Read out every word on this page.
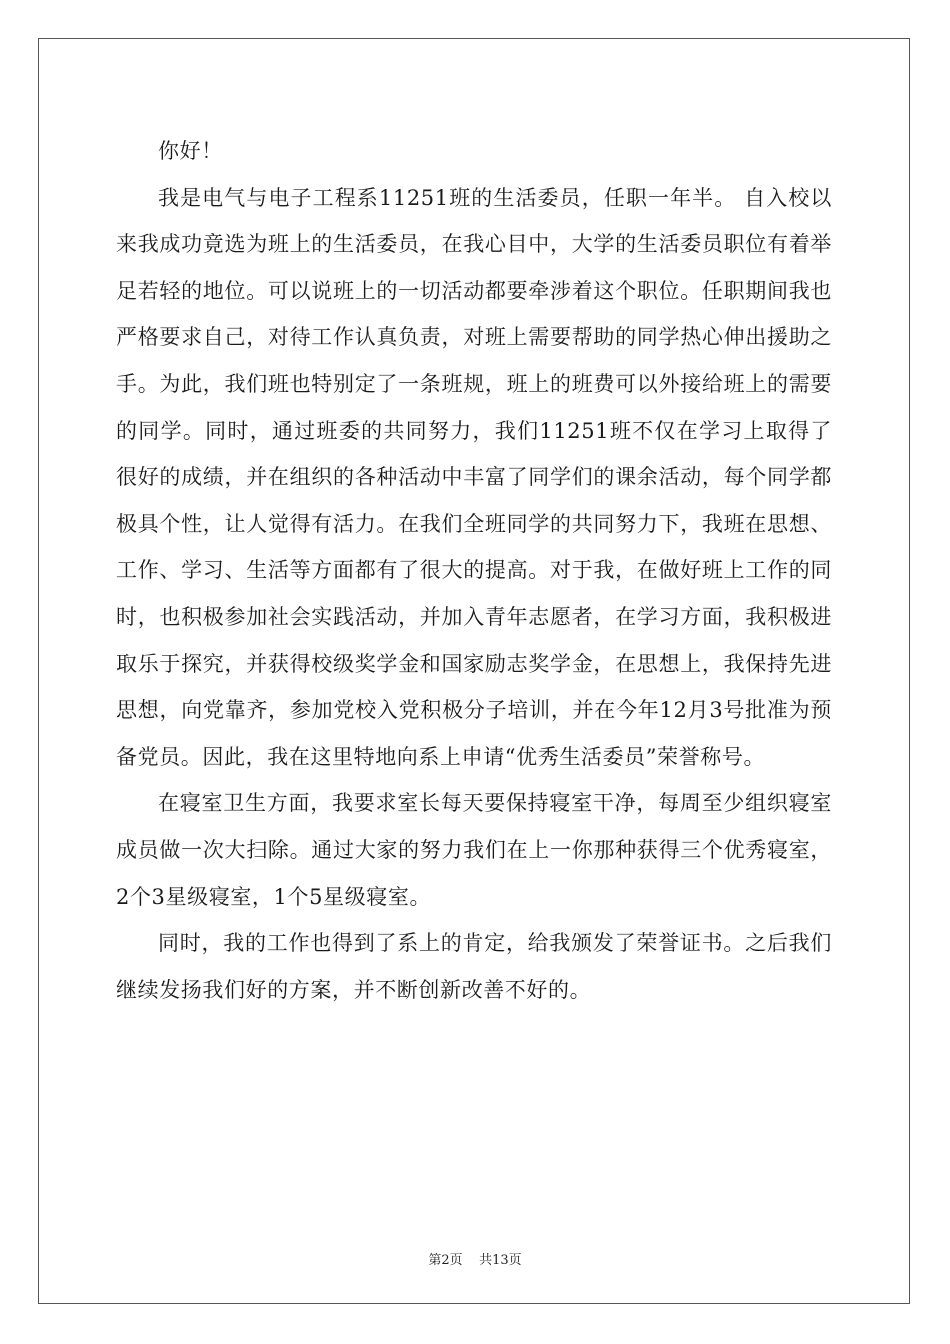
你好！

我是电气与电子工程系11251班的生活委员，任职一年半。 自入校以来我成功竟选为班上的生活委员，在我心目中，大学的生活委员职位有着举足若轻的地位。可以说班上的一切活动都要牵涉着这个职位。任职期间我也严格要求自己，对待工作认真负责，对班上需要帮助的同学热心伸出援助之手。为此，我们班也特别定了一条班规，班上的班费可以外接给班上的需要的同学。同时，通过班委的共同努力，我们11251班不仅在学习上取得了很好的成绩，并在组织的各种活动中丰富了同学们的课余活动，每个同学都极具个性，让人觉得有活力。在我们全班同学的共同努力下，我班在思想、工作、学习、生活等方面都有了很大的提高。对于我，在做好班上工作的同时，也积极参加社会实践活动，并加入青年志愿者，在学习方面，我积极进取乐于探究，并获得校级奖学金和国家励志奖学金，在思想上，我保持先进思想，向党靠齐，参加党校入党积极分子培训，并在今年12月3号批准为预备党员。因此，我在这里特地向系上申请“优秀生活委员”荣誉称号。

在寝室卫生方面，我要求室长每天要保持寝室干净，每周至少组织寝室成员做一次大扫除。通过大家的努力我们在上一你那种获得三个优秀寝室，2个3星级寝室，1个5星级寝室。

同时，我的工作也得到了系上的肯定，给我颁发了荣誉证书。之后我们继续发扬我们好的方案，并不断创新改善不好的。

第2页 共13页
